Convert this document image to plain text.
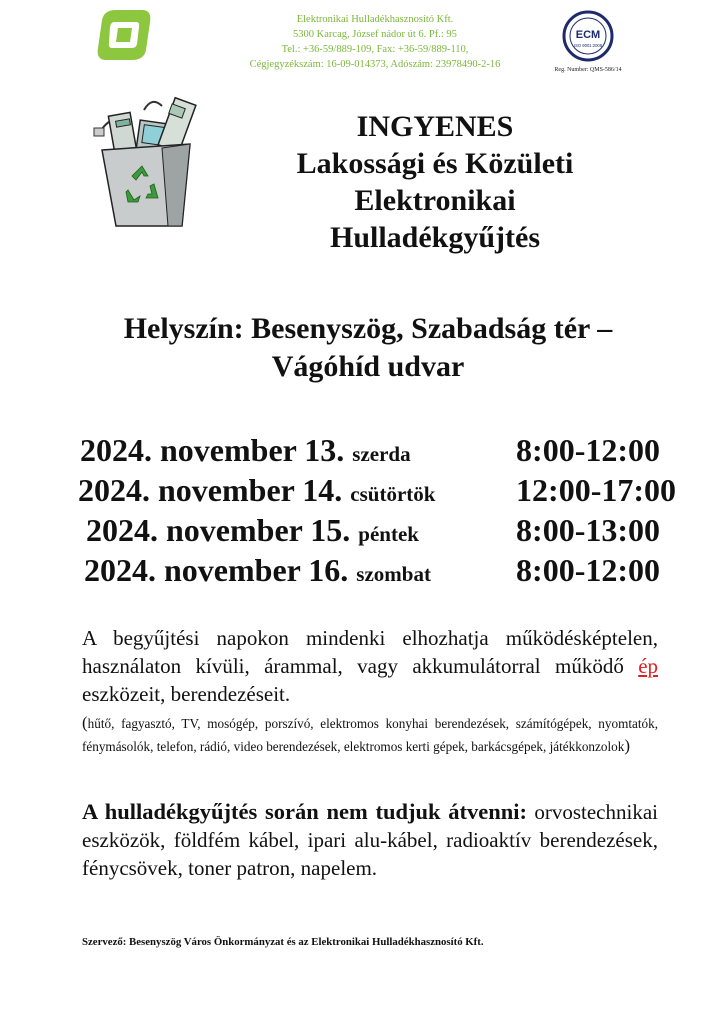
Elektronikai Hulladékhasznosító Kft.
5300 Karcag, József nádor út 6. Pf.: 95
Tel.: +36-59/889-109, Fax: +36-59/889-110,
Cégjegyzékszám: 16-09-014373, Adószám: 23978490-2-16
ECM
ISO 9001:2008
Reg. Number: QMS-586/14
INGYENES
Lakossági és Közületi
Elektronikai
Hulladékgyűjtés
Helyszín: Besenyszög, Szabadság tér –
Vágóhíd udvar
2024. november 13. szerda	8:00-12:00
2024. november 14. csütörtök	12:00-17:00
2024. november 15. péntek	8:00-13:00
2024. november 16. szombat	8:00-12:00
A begyűjtési napokon mindenki elhozhatja működésképtelen, használaton kívüli, árammal, vagy akkumulátorral működő ép eszközeit, berendezéseit.
(hűtő, fagyasztó, TV, mosógép, porszívó, elektromos konyhai berendezések, számítógépek, nyomtatók, fénymásolók, telefon, rádió, video berendezések, elektromos kerti gépek, barkácsgépek, játékkonzolok)
A hulladékgyűjtés során nem tudjuk átvenni: orvostechnikai eszközök, földfém kábel, ipari alu-kábel, radioaktív berendezések, fénycsövek, toner patron, napelem.
Szervező: Besenyszög Város Önkormányzat és az Elektronikai Hulladékhasznosító Kft.
